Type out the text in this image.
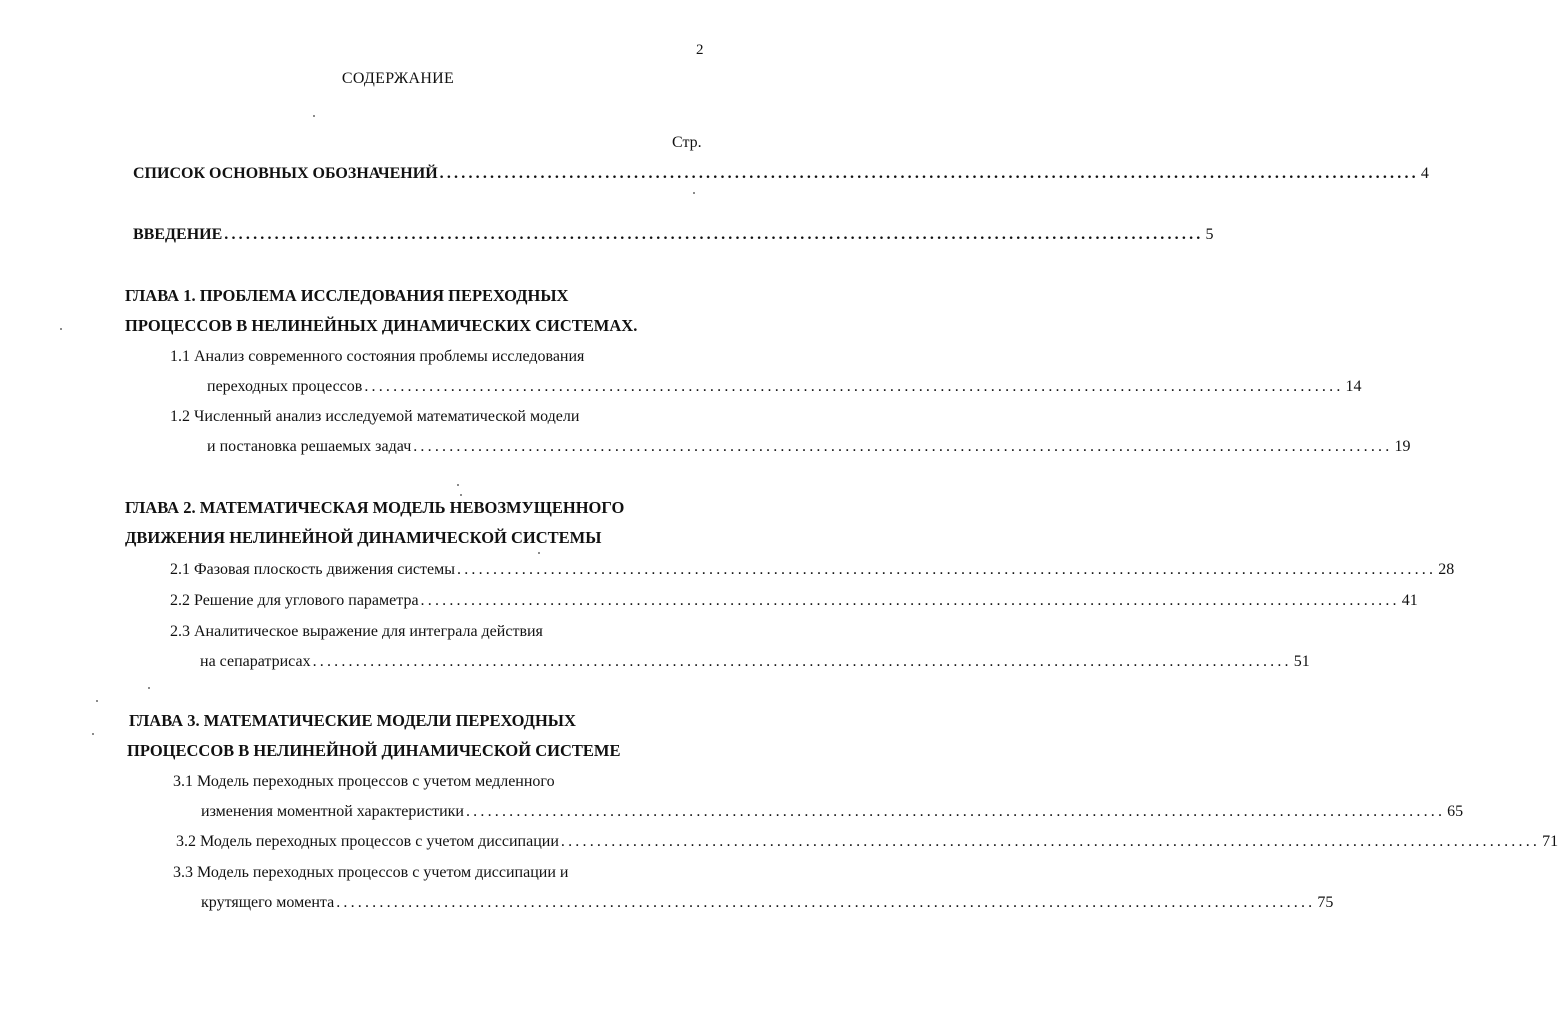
2
СОДЕРЖАНИЕ
Стр.
СПИСОК ОСНОВНЫХ ОБОЗНАЧЕНИЙ ........................................................................................................................................ 4
ВВЕДЕНИЕ ........................................................................................................................................ 5
ГЛАВА 1. ПРОБЛЕМА ИССЛЕДОВАНИЯ ПЕРЕХОДНЫХ
ПРОЦЕССОВ В НЕЛИНЕЙНЫХ ДИНАМИЧЕСКИХ СИСТЕМАХ.
1.1 Анализ современного состояния проблемы исследования
переходных процессов ........................................................................................................................................ 14
1.2 Численный анализ исследуемой математической модели
и постановка решаемых задач ........................................................................................................................................ 19
ГЛАВА 2. МАТЕМАТИЧЕСКАЯ МОДЕЛЬ НЕВОЗМУЩЕННОГО
ДВИЖЕНИЯ НЕЛИНЕЙНОЙ ДИНАМИЧЕСКОЙ СИСТЕМЫ
2.1 Фазовая плоскость движения системы ........................................................................................................................................ 28
2.2 Решение для углового параметра ........................................................................................................................................ 41
2.3 Аналитическое выражение для интеграла действия
на сепаратрисах ........................................................................................................................................ 51
ГЛАВА 3. МАТЕМАТИЧЕСКИЕ МОДЕЛИ ПЕРЕХОДНЫХ
ПРОЦЕССОВ В НЕЛИНЕЙНОЙ ДИНАМИЧЕСКОЙ СИСТЕМЕ
3.1 Модель переходных процессов с учетом медленного
изменения моментной характеристики ........................................................................................................................................ 65
3.2 Модель переходных процессов с учетом диссипации ........................................................................................................................................ 71
3.3 Модель переходных процессов с учетом диссипации и
крутящего момента ........................................................................................................................................ 75
